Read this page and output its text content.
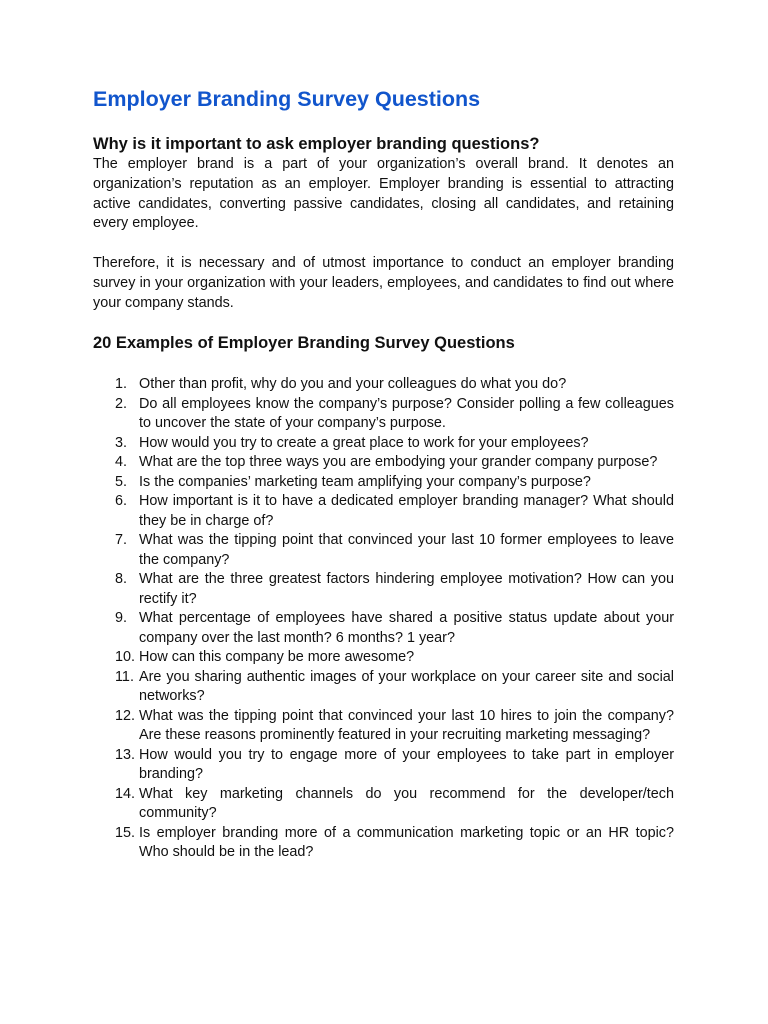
Employer Branding Survey Questions
Why is it important to ask employer branding questions?

The employer brand is a part of your organization’s overall brand. It denotes an organization’s reputation as an employer. Employer branding is essential to attracting active candidates, converting passive candidates, closing all candidates, and retaining every employee.

Therefore, it is necessary and of utmost importance to conduct an employer branding survey in your organization with your leaders, employees, and candidates to find out where your company stands.

20 Examples of Employer Branding Survey Questions
1. Other than profit, why do you and your colleagues do what you do?
2. Do all employees know the company’s purpose? Consider polling a few colleagues to uncover the state of your company’s purpose.
3. How would you try to create a great place to work for your employees?
4. What are the top three ways you are embodying your grander company purpose?
5. Is the companies’ marketing team amplifying your company’s purpose?
6. How important is it to have a dedicated employer branding manager? What should they be in charge of?
7. What was the tipping point that convinced your last 10 former employees to leave the company?
8. What are the three greatest factors hindering employee motivation? How can you rectify it?
9. What percentage of employees have shared a positive status update about your company over the last month? 6 months? 1 year?
10. How can this company be more awesome?
11. Are you sharing authentic images of your workplace on your career site and social networks?
12. What was the tipping point that convinced your last 10 hires to join the company? Are these reasons prominently featured in your recruiting marketing messaging?
13. How would you try to engage more of your employees to take part in employer branding?
14. What key marketing channels do you recommend for the developer/tech community?
15. Is employer branding more of a communication marketing topic or an HR topic? Who should be in the lead?
